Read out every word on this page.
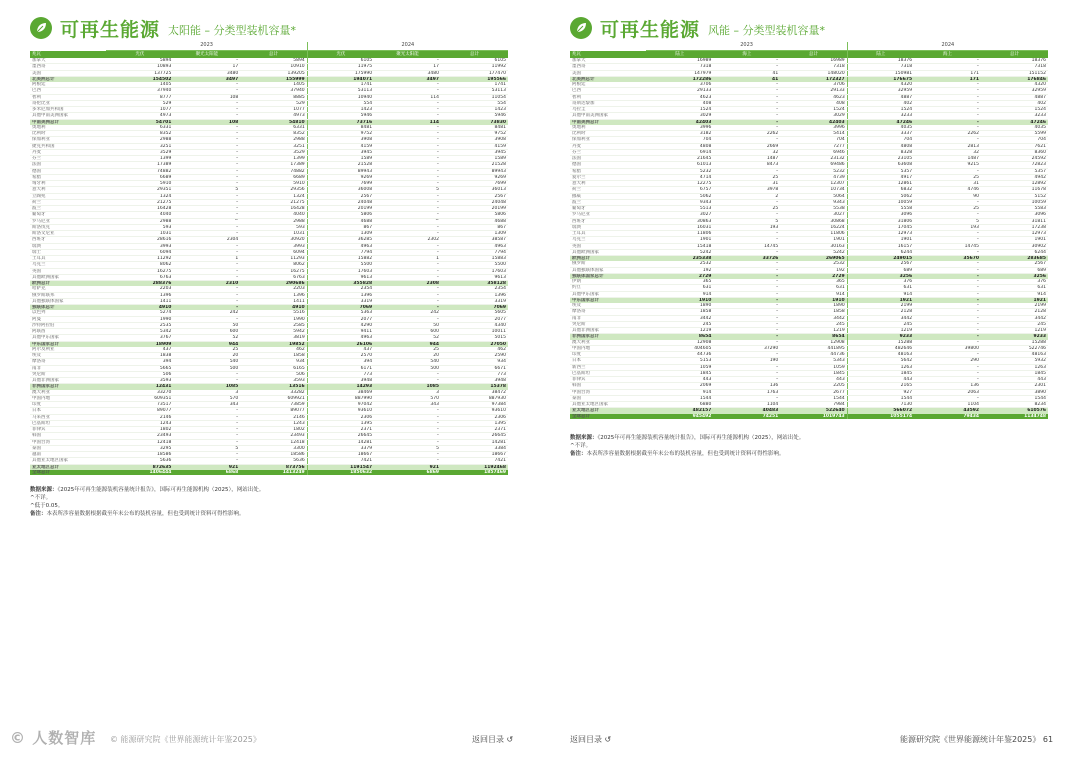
可再生能源 太阳能 – 分类型装机容量*
	2023			2024		
兆瓦	光伏	聚光太阳能	总计	光伏	聚光太阳能	总计
加拿大	5894	–	5894	6105	–	6105
墨西哥	10893	17	10910	11975	17	11992
美国	137725	3480	139205	175990	3480	177470
北美洲总计	154502	3497	155999	194071	3497	195566
阿根廷	1405	–	1405	1741	–	1741
巴西	37940	–	37940	53113	–	53113
智利	8777	108	8885	10940	114	11054
哥伦比亚	529	–	529	554	–	554
多米尼加共和国	1077	–	1077	1423	–	1423
其他中南美洲国家	4973	–	4973	5946	–	5946
中南美洲总计	54701	108	54810	73716	114	73830
奥地利	6331	–	6331	8481	–	8481
比利时	8352	–	8352	9752	–	9752
保加利亚	2988	–	2988	3908	–	3908
捷克共和国	3251	–	3251	4159	–	4159
丹麦	3529	–	3529	3945	–	3945
芬兰	1399	–	1399	1589	–	1589
法国	17389	–	17389	21528	–	21528
德国	74882	–	74882	89943	–	89943
希腊	6689	–	6689	9269	–	9269
匈牙利	5910	–	5910	7699	–	7699
意大利	29351	5	29356	36008	5	36013
立陶宛	1324	–	1324	2567	–	2567
荷兰	21275	–	21275	24048	–	24048
波兰	16428	–	16428	20199	–	20199
葡萄牙	4040	–	4040	5806	–	5806
罗马尼亚	2988	^	2988	4688	^	4688
斯洛伐克	593	–	593	867	–	867
斯洛文尼亚	1031	–	1031	1309	–	1309
西班牙	28616	2304	30920	36285	2302	38587
瑞典	3993	–	3993	4963	–	4963
瑞士	6094	–	6094	7794	–	7794
土耳其	11292	1	11293	15882	1	15883
乌克兰	8062	–	8062	5500	–	5500
英国	16275	–	16275	17603	–	17603
其他欧洲国家	6763	–	6763	9613	–	9613
欧洲总计	288376	2310	290686	355828	2308	358128
哈萨克	2203	–	2203	2354	–	2354
俄罗斯联邦	1396	–	1396	1396	–	1396
其他独联体国家	1411	–	1411	3319	–	3319
独联体总计	4910	–	4910	7069	–	7069
以色列	5274	242	5516	5363	242	5605
阿曼	1990	–	1990	2077	–	2077
沙特阿拉伯	2535	50	2585	4290	50	4340
阿联酋	5342	600	5942	9411	600	10011
其他中东国家	3767	52	3819	4963	52	5015
中东国家总计	18909	944	19852	26106	944	27050
阿尔及利亚	437	25	462	437	25	462
埃及	1838	20	1858	2570	20	2590
摩洛哥	394	540	934	394	540	934
南非	5665	500	6165	6171	500	6671
突尼斯	506	–	506	773	–	773
其他非洲国家	3593	–	3593	3948	–	3948
非洲国家总计	12431	1085	13516	14293	1085	15378
澳大利亚	33270	3	33282	38469	3	38472
中国内地	609351	570	609921	887990	570	887930
印度	73517	343	73859	97042	343	97384
日本	89077	–	89077	93610	–	93610
马来西亚	2146	–	2146	2306	–	2306
巴基斯坦	1243	–	1243	1395	–	1395
菲律宾	1802	–	1802	2371	–	2371
韩国	23493	–	23493	26645	–	26645
中国台湾	12418	–	12418	14281	–	14281
泰国	3295	5	3300	3379	5	3384
越南	18586	–	18586	18667	–	18667
其他亚太地区国家	5636	–	5636	7421	–	7421
亚太地区总计	872635	921	873756	1191547	921	1192468
全球总计	1406444	6868	1413249	1850632	6869	1857469
数据来源：《2025年可再生能源装机容量统计报告》，国际可再生能源机构（2025），网站出处。
^不详。
^低于0.05。
备注：本表所涉容量数据根据截至年末公布的装机容量，但也受到统计资料可得性影响。
© 人数智库 © 能源研究院《世界能源统计年鉴2025》	返回目录 ↺
可再生能源 风能 – 分类型装机容量*
	2023			2024		
兆瓦	陆上	海上	总计	陆上	海上	总计
加拿大	16989	–	16989	18376	–	18376
墨西哥	7318	–	7318	7318	–	7318
美国	147979	41	148020	150981	171	151152
北美洲总计	172286	41	172327	176675	171	176846
阿根廷	3706	–	3706	4320	–	4320
巴西	29133	–	29133	32959	–	32959
智利	4623	–	4623	4887	–	4887
哥斯达黎加	408	–	408	402	–	402
乌拉圭	1524	–	1524	1524	–	1524
其他中南美洲国家	3029	–	3029	3233	–	3233
中南美洲总计	42403	–	42403	47246	–	47246
奥地利	3996	–	3996	4035	–	4035
比利时	3182	2262	5414	3337	2262	5599
保加利亚	704	–	704	704	–	704
丹麦	4808	2669	7277	4808	2813	7621
芬兰	6914	32	6946	8328	32	8360
法国	21645	1487	23132	23105	1487	24592
德国	61013	8473	69486	63608	9215	72823
希腊	5232	–	5232	5357	–	5357
爱尔兰	4714	25	4739	4917	25	4942
意大利	12275	31	12307	12861	31	12892
荷兰	6757	3978	10734	6832	4746	11678
挪威	5062	2	5064	5062	90	5152
波兰	9343	–	9343	10059	–	10059
葡萄牙	5513	25	5538	5558	25	5583
罗马尼亚	3027	–	3027	3096	–	3096
西班牙	30863	5	30868	31806	5	31811
瑞典	16031	193	16224	17045	193	17238
土耳其	11806	–	11806	12973	–	12973
乌克兰	1901	–	1901	1901	–	1901
英国	15418	14745	30163	16157	14745	30902
其他欧洲国家	5242	–	5242	6244	–	6244
欧洲总计	235338	33726	269065	249015	35670	283685
俄罗斯	2532	–	2532	2567	–	2567
其他独联体国家	192	–	192	689	–	689
独联体国家总计	2729	–	2729	3256	–	3256
伊朗	365	–	365	376	–	376
约旦	631	–	631	631	–	631
其他中东国家	914	–	914	914	–	914
中东国家总计	1910	–	1910	1921	–	1921
埃及	1890	–	1890	2199	–	2199
摩洛哥	1858	–	1858	2128	–	2128
南非	3442	–	3442	3442	–	3442
突尼斯	245	–	245	245	–	245
其他非洲国家	1219	–	1219	1219	–	1219
非洲国家总计	8654	–	8654	9233	–	9233
澳大利亚	12908	–	12908	15288	–	15288
中国内地	404605	37290	441895	482646	39800	522746
印度	44736	–	44736	48163	–	48163
日本	5153	190	5343	5642	290	5932
新西兰	1059	–	1059	1263	–	1263
巴基斯坦	1845	–	1845	1845	–	1845
菲律宾	443	–	443	443	–	443
韩国	2069	136	2205	2165	136	2301
中国台湾	914	1763	2677	927	2063	3890
泰国	1544	–	1544	1544	–	1544
其他亚太地区国家	6880	1104	7984	7130	1104	8234
亚太地区总计	482157	40483	522640	566072	43592	610576
全球总计	945492	74251	1019743	1055174	79434	1134748
数据来源：《2025年可再生能源装机容量统计报告》，国际可再生能源机构（2025），网站出处。
^不详。
备注：本表所涉容量数据根据截至年末公布的装机容量，但也受到统计资料可得性影响。
返回目录 ↺	能源研究院《世界能源统计年鉴2025》 61
